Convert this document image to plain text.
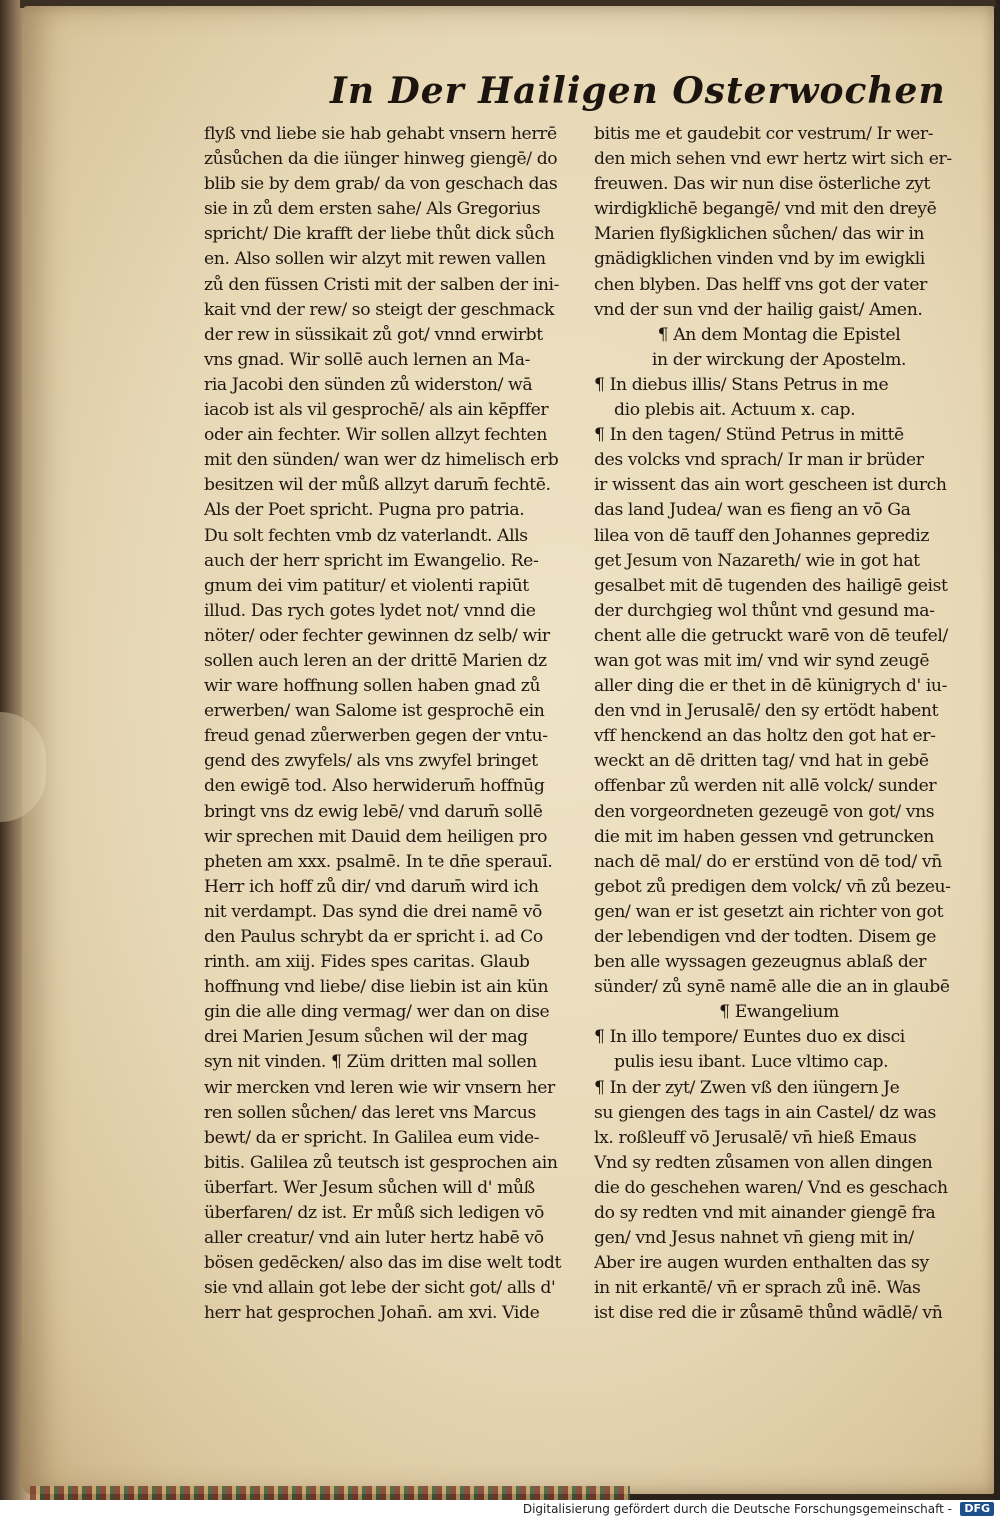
In Der Hailigen Osterwochen
flyß vnd liebe sie hab gehabt vnsern herrē
zůsůchen da die iünger hinweg giengē/ do
blib sie by dem grab/ da von geschach das
sie in zů dem ersten sahe/ Als Gregorius
spricht/ Die krafft der liebe thůt dick sůch
en. Also sollen wir alzyt mit rewen vallen
zů den füssen Cristi mit der salben der ini-
kait vnd der rew/ so steigt der geschmack
der rew in süssikait zů got/ vnnd erwirbt
vns gnad. Wir sollē auch lernen an Ma-
ria Jacobi den sünden zů widerston/ wā
iacob ist als vil gesprochē/ als ain kēpffer
oder ain fechter. Wir sollen allzyt fechten
mit den sünden/ wan wer dz himelisch erb
besitzen wil der můß allzyt darum̄ fechtē.
Als der Poet spricht. Pugna pro patria.
Du solt fechten vmb dz vaterlandt. Alls
auch der herr spricht im Ewangelio. Re-
gnum dei vim patitur/ et violenti rapiūt
illud. Das rych gotes lydet not/ vnnd die
nöter/ oder fechter gewinnen dz selb/ wir
sollen auch leren an der drittē Marien dz
wir ware hoffnung sollen haben gnad zů
erwerben/ wan Salome ist gesprochē ein
freud genad zůerwerben gegen der vntu-
gend des zwyfels/ als vns zwyfel bringet
den ewigē tod. Also herwiderum̄ hoffnūg
bringt vns dz ewig lebē/ vnd darum̄ sollē
wir sprechen mit Dauid dem heiligen pro
pheten am xxx. psalmē. In te dn̄e sperauī.
Herr ich hoff zů dir/ vnd darum̄ wird ich
nit verdampt. Das synd die drei namē vō
den Paulus schrybt da er spricht i. ad Co
rinth. am xiij. Fides spes caritas. Glaub
hoffnung vnd liebe/ dise liebin ist ain kün
gin die alle ding vermag/ wer dan on dise
drei Marien Jesum sůchen wil der mag
syn nit vinden. ¶ Züm dritten mal sollen
wir mercken vnd leren wie wir vnsern her
ren sollen sůchen/ das leret vns Marcus
bewt/ da er spricht. In Galilea eum vide-
bitis. Galilea zů teutsch ist gesprochen ain
überfart. Wer Jesum sůchen will d' můß
überfaren/ dz ist. Er můß sich ledigen vō
aller creatur/ vnd ain luter hertz habē vō
bösen gedēcken/ also das im dise welt todt
sie vnd allain got lebe der sicht got/ alls d'
herr hat gesprochen Johan̄. am xvi. Vide
bitis me et gaudebit cor vestrum/ Ir wer-
den mich sehen vnd ewr hertz wirt sich er-
freuwen. Das wir nun dise österliche zyt
wirdigklichē begangē/ vnd mit den dreyē
Marien flyßigklichen sůchen/ das wir in
gnädigklichen vinden vnd by im ewigkli
chen blyben. Das helff vns got der vater
vnd der sun vnd der hailig gaist/ Amen.
¶ An dem Montag die Epistel
in der wirckung der Apostelm.
¶ In diebus illis/ Stans Petrus in me
dio plebis ait. Actuum x. cap.
¶ In den tagen/ Stünd Petrus in mittē
des volcks vnd sprach/ Ir man ir brüder
ir wissent das ain wort gescheen ist durch
das land Judea/ wan es fieng an vō Ga
lilea von dē tauff den Johannes geprediz
get Jesum von Nazareth/ wie in got hat
gesalbet mit dē tugenden des hailigē geist
der durchgieg wol thůnt vnd gesund ma-
chent alle die getruckt warē von dē teufel/
wan got was mit im/ vnd wir synd zeugē
aller ding die er thet in dē künigrych d' iu-
den vnd in Jerusalē/ den sy ertödt habent
vff henckend an das holtz den got hat er-
weckt an dē dritten tag/ vnd hat in gebē
offenbar zů werden nit allē volck/ sunder
den vorgeordneten gezeugē von got/ vns
die mit im haben gessen vnd getruncken
nach dē mal/ do er erstünd von dē tod/ vn̄
gebot zů predigen dem volck/ vn̄ zů bezeu-
gen/ wan er ist gesetzt ain richter von got
der lebendigen vnd der todten. Disem ge
ben alle wyssagen gezeugnus ablaß der
sünder/ zů synē namē alle die an in glaubē
¶ Ewangelium
¶ In illo tempore/ Euntes duo ex disci
pulis iesu ibant. Luce vltimo cap.
¶ In der zyt/ Zwen vß den iüngern Je
su giengen des tags in ain Castel/ dz was
lx. roßleuff vō Jerusalē/ vn̄ hieß Emaus
Vnd sy redten zůsamen von allen dingen
die do geschehen waren/ Vnd es geschach
do sy redten vnd mit ainander giengē fra
gen/ vnd Jesus nahnet vn̄ gieng mit in/
Aber ire augen wurden enthalten das sy
in nit erkantē/ vn̄ er sprach zů inē. Was
ist dise red die ir zůsamē thůnd wādlē/ vn̄
Digitalisierung gefördert durch die Deutsche Forschungsgemeinschaft -	DFG
